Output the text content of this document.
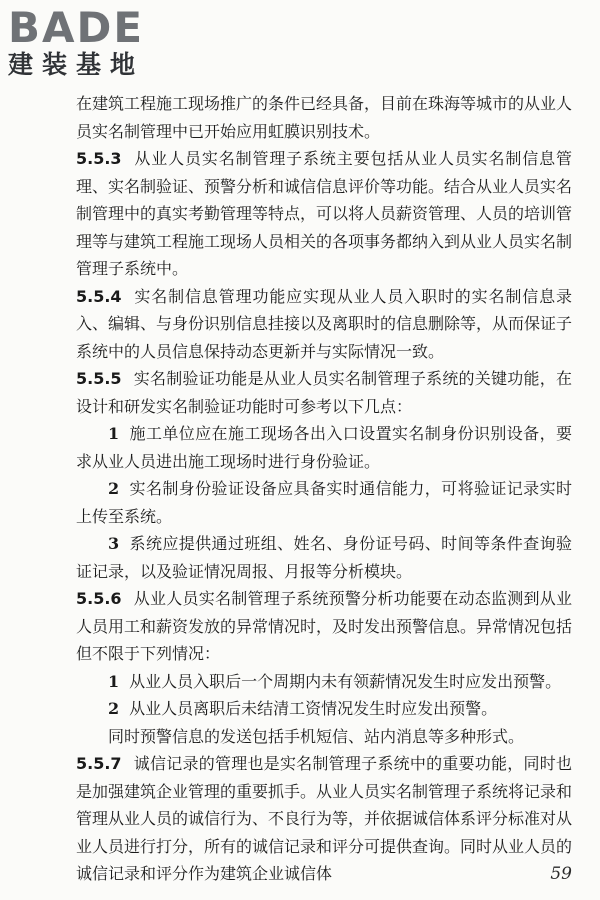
BADE
建装基地

在建筑工程施工现场推广的条件已经具备，目前在珠海等城市的从业人员实名制管理中已开始应用虹膜识别技术。

5.5.3 从业人员实名制管理子系统主要包括从业人员实名制信息管理、实名制验证、预警分析和诚信信息评价等功能。结合从业人员实名制管理中的真实考勤管理等特点，可以将人员薪资管理、人员的培训管理等与建筑工程施工现场人员相关的各项事务都纳入到从业人员实名制管理子系统中。

5.5.4 实名制信息管理功能应实现从业人员入职时的实名制信息录入、编辑、与身份识别信息挂接以及离职时的信息删除等，从而保证子系统中的人员信息保持动态更新并与实际情况一致。

5.5.5 实名制验证功能是从业人员实名制管理子系统的关键功能，在设计和研发实名制验证功能时可参考以下几点：

1 施工单位应在施工现场各出入口设置实名制身份识别设备，要求从业人员进出施工现场时进行身份验证。

2 实名制身份验证设备应具备实时通信能力，可将验证记录实时上传至系统。

3 系统应提供通过班组、姓名、身份证号码、时间等条件查询验证记录，以及验证情况周报、月报等分析模块。

5.5.6 从业人员实名制管理子系统预警分析功能要在动态监测到从业人员用工和薪资发放的异常情况时，及时发出预警信息。异常情况包括但不限于下列情况：

1 从业人员入职后一个周期内未有领薪情况发生时应发出预警。

2 从业人员离职后未结清工资情况发生时应发出预警。

同时预警信息的发送包括手机短信、站内消息等多种形式。

5.5.7 诚信记录的管理也是实名制管理子系统中的重要功能，同时也是加强建筑企业管理的重要抓手。从业人员实名制管理子系统将记录和管理从业人员的诚信行为、不良行为等，并依据诚信体系评分标准对从业人员进行打分，所有的诚信记录和评分可提供查询。同时从业人员的诚信记录和评分作为建筑企业诚信体	59
